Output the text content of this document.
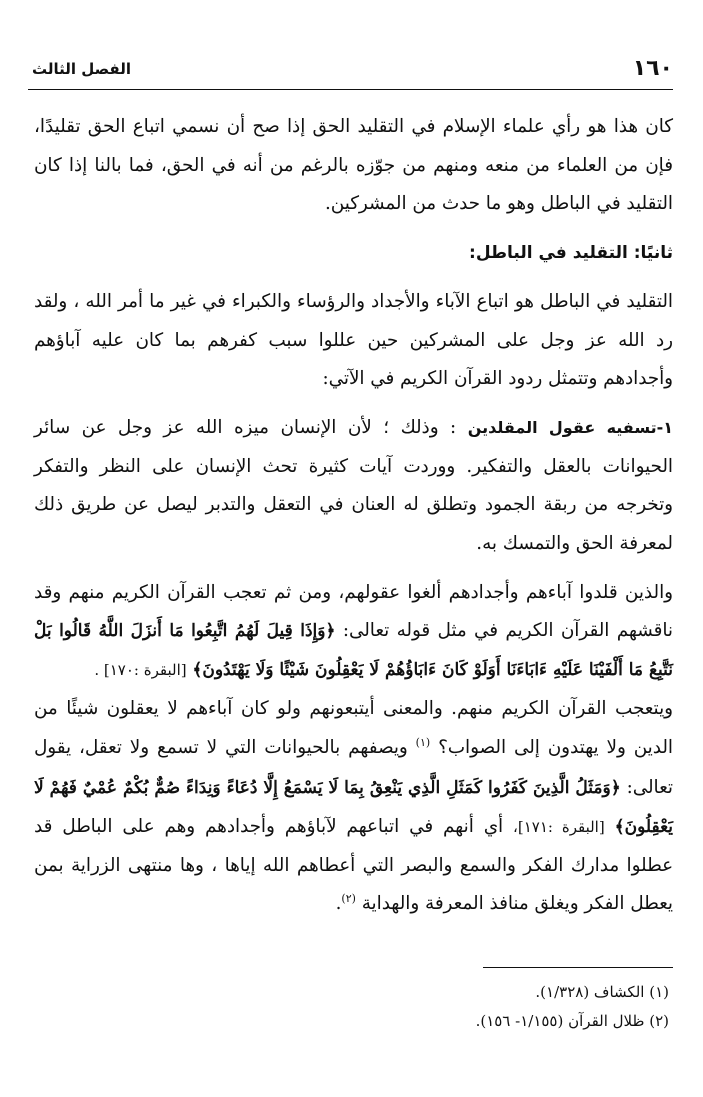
الفصل الثالث	١٦٠

كان هذا هو رأي علماء الإسلام في التقليد الحق إذا صح أن نسمي اتباع الحق تقليدًا، فإن من العلماء من منعه ومنهم من جوّزه بالرغم من أنه في الحق، فما بالنا إذا كان التقليد في الباطل وهو ما حدث من المشركين.

ثانيًا: التقليد في الباطل:

التقليد في الباطل هو اتباع الآباء والأجداد والرؤساء والكبراء في غير ما أمر الله ، ولقد رد الله عز وجل على المشركين حين عللوا سبب كفرهم بما كان عليه آباؤهم وأجدادهم وتتمثل ردود القرآن الكريم في الآتي:

١-تسفيه عقول المقلدين : وذلك ؛ لأن الإنسان ميزه الله عز وجل عن سائر الحيوانات بالعقل والتفكير. ووردت آيات كثيرة تحث الإنسان على النظر والتفكر وتخرجه من ربقة الجمود وتطلق له العنان في التعقل والتدبر ليصل عن طريق ذلك لمعرفة الحق والتمسك به.

والذين قلدوا آباءهم وأجدادهم ألغوا عقولهم، ومن ثم تعجب القرآن الكريم منهم وقد ناقشهم القرآن الكريم في مثل قوله تعالى: ﴿وَإِذَا قِيلَ لَهُمُ اتَّبِعُوا مَا أَنزَلَ اللَّهُ قَالُوا بَلْ نَتَّبِعُ مَا أَلْفَيْنَا عَلَيْهِ ءَابَاءَنَا أَوَلَوْ كَانَ ءَابَاؤُهُمْ لَا يَعْقِلُونَ شَيْئًا وَلَا يَهْتَدُونَ﴾ [البقرة :١٧٠] .

ويتعجب القرآن الكريم منهم. والمعنى أيتبعونهم ولو كان آباءهم لا يعقلون شيئًا من الدين ولا يهتدون إلى الصواب؟ $^{(١)}$ ويصفهم بالحيوانات التي لا تسمع ولا تعقل، يقول تعالى: ﴿وَمَثَلُ الَّذِينَ كَفَرُوا كَمَثَلِ الَّذِي يَنْعِقُ بِمَا لَا يَسْمَعُ إِلَّا دُعَاءً وَنِدَاءً صُمٌّ بُكْمٌ عُمْيٌ فَهُمْ لَا يَعْقِلُونَ﴾ [البقرة :١٧١]، أي أنهم في اتباعهم لآباؤهم وأجدادهم وهم على الباطل قد عطلوا مدارك الفكر والسمع والبصر التي أعطاهم الله إياها ، وها منتهى الزراية بمن يعطل الفكر ويغلق منافذ المعرفة والهداية $^{(٢)}$.

(١) الكشاف (١/٣٢٨).
(٢) ظلال القرآن (١/١٥٥- ١٥٦).
